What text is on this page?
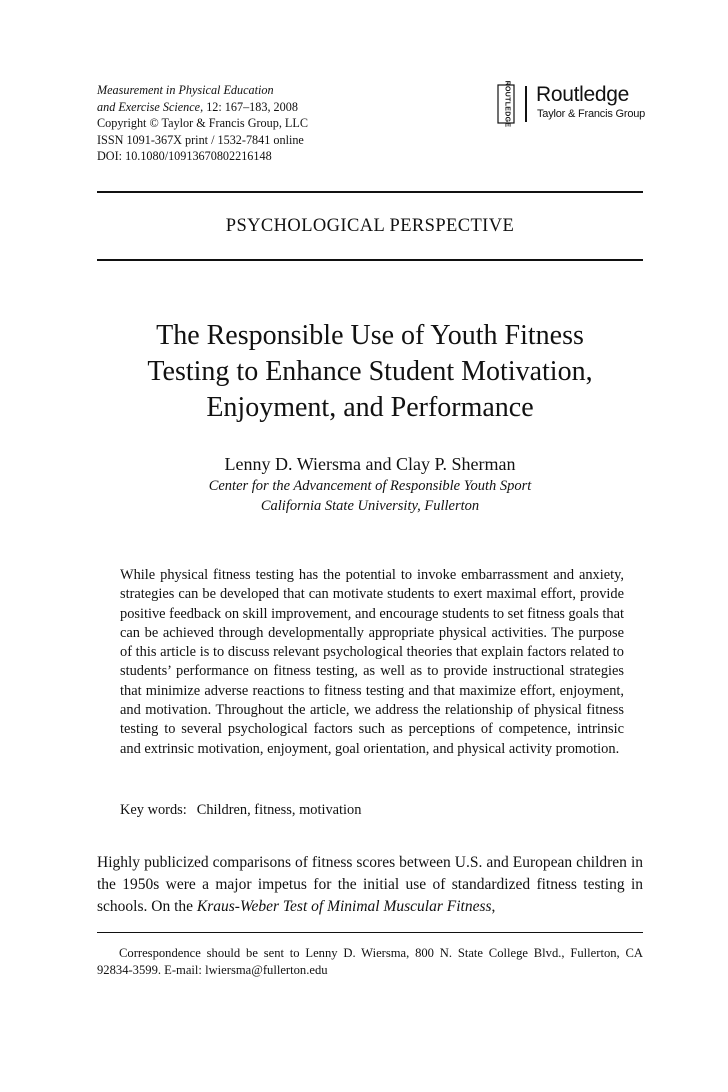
Measurement in Physical Education
and Exercise Science, 12: 167–183, 2008
Copyright © Taylor & Francis Group, LLC
ISSN 1091-367X print / 1532-7841 online
DOI: 10.1080/10913670802216148
ROUTLEDGE Routledge
Taylor & Francis Group
PSYCHOLOGICAL PERSPECTIVE
The Responsible Use of Youth Fitness
Testing to Enhance Student Motivation,
Enjoyment, and Performance
Lenny D. Wiersma and Clay P. Sherman
Center for the Advancement of Responsible Youth Sport
California State University, Fullerton
While physical fitness testing has the potential to invoke embarrassment and anxiety, strategies can be developed that can motivate students to exert maximal effort, provide positive feedback on skill improvement, and encourage students to set fitness goals that can be achieved through developmentally appropriate physical activities. The purpose of this article is to discuss relevant psychological theories that explain factors related to students’ performance on fitness testing, as well as to provide instructional strategies that minimize adverse reactions to fitness testing and that maximize effort, enjoyment, and motivation. Throughout the article, we address the relationship of physical fitness testing to several psychological factors such as perceptions of competence, intrinsic and extrinsic motivation, enjoyment, goal orientation, and physical activity promotion.
Key words: Children, fitness, motivation
Highly publicized comparisons of fitness scores between U.S. and European children in the 1950s were a major impetus for the initial use of standardized fitness testing in schools. On the Kraus-Weber Test of Minimal Muscular Fitness,
Correspondence should be sent to Lenny D. Wiersma, 800 N. State College Blvd., Fullerton, CA 92834-3599. E-mail: lwiersma@fullerton.edu
